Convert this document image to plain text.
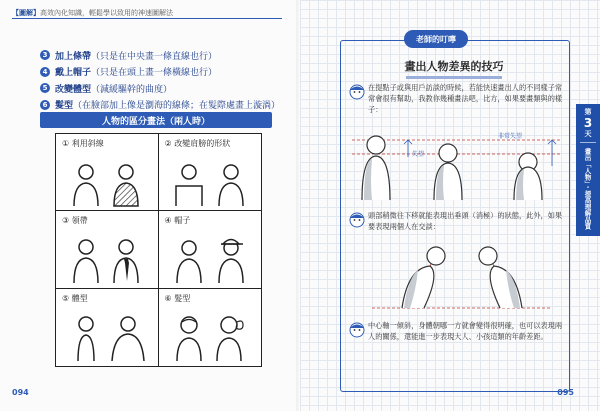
【圖解】高效內化知識，輕鬆學以致用的神速圖解法
3 加上條帶 （只是在中央畫一條直線也行）
4 戴上帽子 （只是在頭上畫一條橫線也行）
5 改變體型 （減緩驅幹的曲度）
6 髮型 （在臉部加上像是瀏海的線條；在髮際處畫上漩渦）
人物的區分畫法（兩人時）
① 利用斜線	② 改變肩膀的形狀
③ 領帶	④ 帽子
⑤ 體型	⑥ 髮型
094
老師的叮嚀
畫出人物差異的技巧
在提點子或與用戶訪談的時候，若能快速畫出人的不同樣子常常會很有幫助，我教你幾種畫法吧，比方，如果要畫類與的樣子：
失望
非常失望
頭部稍微往下移就能表現出垂頭（消極）的狀態，此外，如果要表現兩個人在交談：
中心軸一傾斜，身體朝哪一方就會變得很明確，也可以表現兩人的關係，還能進一步表現大人、小孩這類的年齡差距。
095
第
3
天
畫出「人物」・提高理解品質
